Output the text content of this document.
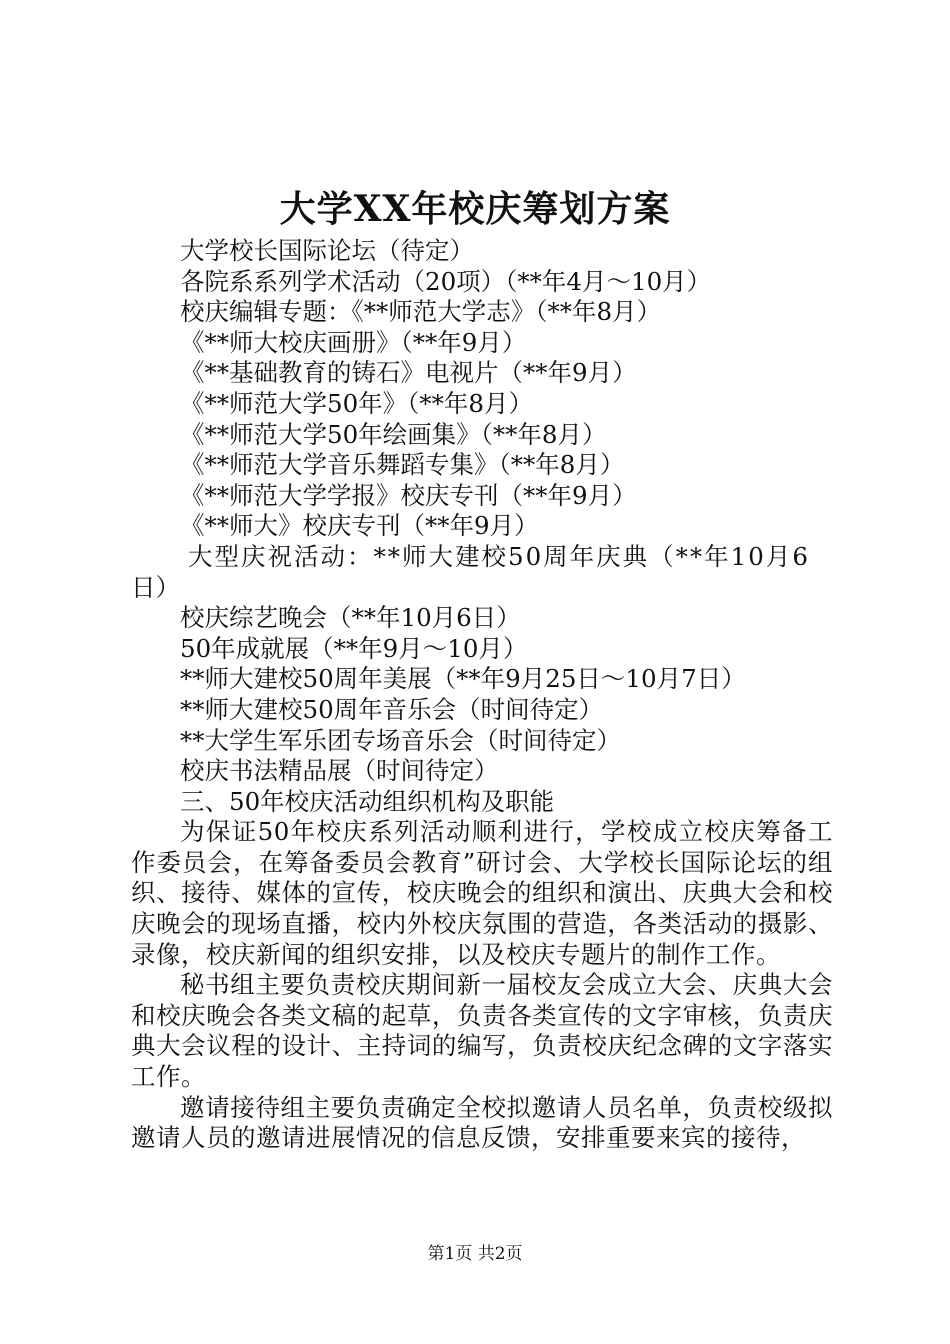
大学XX年校庆筹划方案
大学校长国际论坛（待定）
各院系系列学术活动（20项）（**年4月～10月）
校庆编辑专题：《**师范大学志》（**年8月）
《**师大校庆画册》（**年9月）
《**基础教育的铸石》电视片（**年9月）
《**师范大学50年》（**年8月）
《**师范大学50年绘画集》（**年8月）
《**师范大学音乐舞蹈专集》（**年8月）
《**师范大学学报》校庆专刊（**年9月）
《**师大》校庆专刊（**年9月）
大型庆祝活动：**师大建校50周年庆典（**年10月6
日）
校庆综艺晚会（**年10月6日）
50年成就展（**年9月～10月）
**师大建校50周年美展（**年9月25日～10月7日）
**师大建校50周年音乐会（时间待定）
**大学生军乐团专场音乐会（时间待定）
校庆书法精品展（时间待定）
三、50年校庆活动组织机构及职能
为保证50年校庆系列活动顺利进行，学校成立校庆筹备工作委员会，在筹备委员会教育”研讨会、大学校长国际论坛的组织、接待、媒体的宣传，校庆晚会的组织和演出、庆典大会和校庆晚会的现场直播，校内外校庆氛围的营造，各类活动的摄影、录像，校庆新闻的组织安排，以及校庆专题片的制作工作。
秘书组主要负责校庆期间新一届校友会成立大会、庆典大会和校庆晚会各类文稿的起草，负责各类宣传的文字审核，负责庆典大会议程的设计、主持词的编写，负责校庆纪念碑的文字落实工作。
邀请接待组主要负责确定全校拟邀请人员名单，负责校级拟邀请人员的邀请进展情况的信息反馈，安排重要来宾的接待，
第1页 共2页
